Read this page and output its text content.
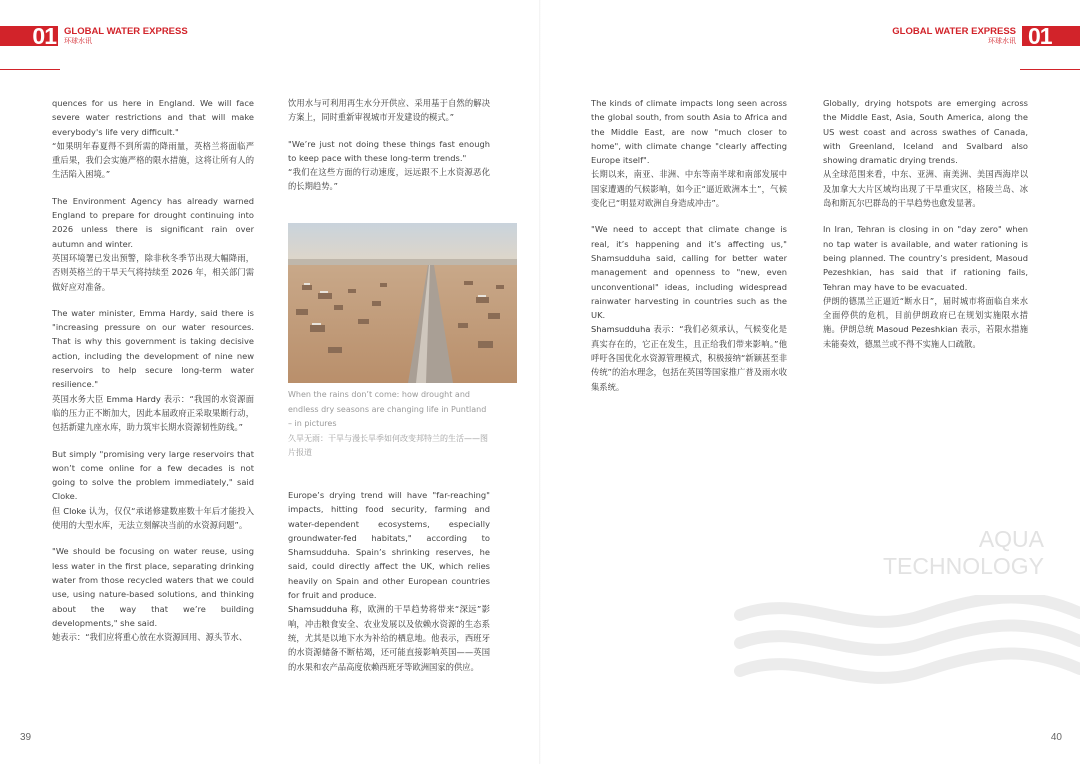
01 GLOBAL WATER EXPRESS
环球水讯

quences for us here in England. We will face severe water restrictions and that will make everybody's life very difficult."
“如果明年春夏得不到所需的降雨量，英格兰将面临严重后果，我们会实施严格的限水措施，这将让所有人的生活陷入困境。”

The Environment Agency has already warned England to prepare for drought continuing into 2026 unless there is significant rain over autumn and winter.
英国环境署已发出预警，除非秋冬季节出现大幅降雨，否则英格兰的干旱天气将持续至 2026 年，相关部门需做好应对准备。

The water minister, Emma Hardy, said there is "increasing pressure on our water resources. That is why this government is taking decisive action, including the development of nine new reservoirs to help secure long-term water resilience."
英国水务大臣 Emma Hardy 表示：“我国的水资源面临的压力正不断加大，因此本届政府正采取果断行动，包括新建九座水库，助力筑牢长期水资源韧性防线。”

But simply "promising very large reservoirs that won’t come online for a few decades is not going to solve the problem immediately," said Cloke.
但 Cloke 认为，仅仅“承诺修建数座数十年后才能投入使用的大型水库，无法立刻解决当前的水资源问题”。

"We should be focusing on water reuse, using less water in the first place, separating drinking water from those recycled waters that we could use, using nature-based solutions, and thinking about the way that we’re building developments," she said.
她表示：“我们应将重心放在水资源回用、源头节水、

饮用水与可利用再生水分开供应、采用基于自然的解决方案上，同时重新审视城市开发建设的模式。”

"We’re just not doing these things fast enough to keep pace with these long-term trends."
“我们在这些方面的行动速度，远远跟不上水资源恶化的长期趋势。”

When the rains don’t come: how drought and endless dry seasons are changing life in Puntland – in pictures
久旱无雨：干旱与漫长旱季如何改变邦特兰的生活——图片报道

Europe’s drying trend will have "far-reaching" impacts, hitting food security, farming and water-dependent ecosystems, especially groundwater-fed habitats," according to Shamsudduha. Spain’s shrinking reserves, he said, could directly affect the UK, which relies heavily on Spain and other European countries for fruit and produce.
Shamsudduha 称，欧洲的干旱趋势将带来“深远”影响，冲击粮食安全、农业发展以及依赖水资源的生态系统，尤其是以地下水为补给的栖息地。他表示，西班牙的水资源储备不断枯竭，还可能直接影响英国——英国的水果和农产品高度依赖西班牙等欧洲国家的供应。

39
01
GLOBAL WATER EXPRESS
环球水讯

The kinds of climate impacts long seen across the global south, from south Asia to Africa and the Middle East, are now "much closer to home", with climate change "clearly affecting Europe itself".
长期以来，南亚、非洲、中东等南半球和南部发展中国家遭遇的气候影响，如今正“逼近欧洲本土”，气候变化已“明显对欧洲自身造成冲击”。

"We need to accept that climate change is real, it’s happening and it’s affecting us," Shamsudduha said, calling for better water management and openness to "new, even unconventional" ideas, including widespread rainwater harvesting in countries such as the UK.
Shamsudduha 表示：“我们必须承认，气候变化是真实存在的，它正在发生，且正给我们带来影响。”他呼吁各国优化水资源管理模式，积极接纳“新颖甚至非传统”的治水理念，包括在英国等国家推广普及雨水收集系统。

Globally, drying hotspots are emerging across the Middle East, Asia, South America, along the US west coast and across swathes of Canada, with Greenland, Iceland and Svalbard also showing dramatic drying trends.
从全球范围来看，中东、亚洲、南美洲、美国西海岸以及加拿大大片区域均出现了干旱重灾区，格陵兰岛、冰岛和斯瓦尔巴群岛的干旱趋势也愈发显著。

In Iran, Tehran is closing in on "day zero" when no tap water is available, and water rationing is being planned. The country’s president, Masoud Pezeshkian, has said that if rationing fails, Tehran may have to be evacuated.
伊朗的德黑兰正逼近“断水日”，届时城市将面临自来水全面停供的危机，目前伊朗政府已在规划实施限水措施。伊朗总统 Masoud Pezeshkian 表示，若限水措施未能奏效，德黑兰或不得不实施人口疏散。

AQUA
TECHNOLOGY
40
